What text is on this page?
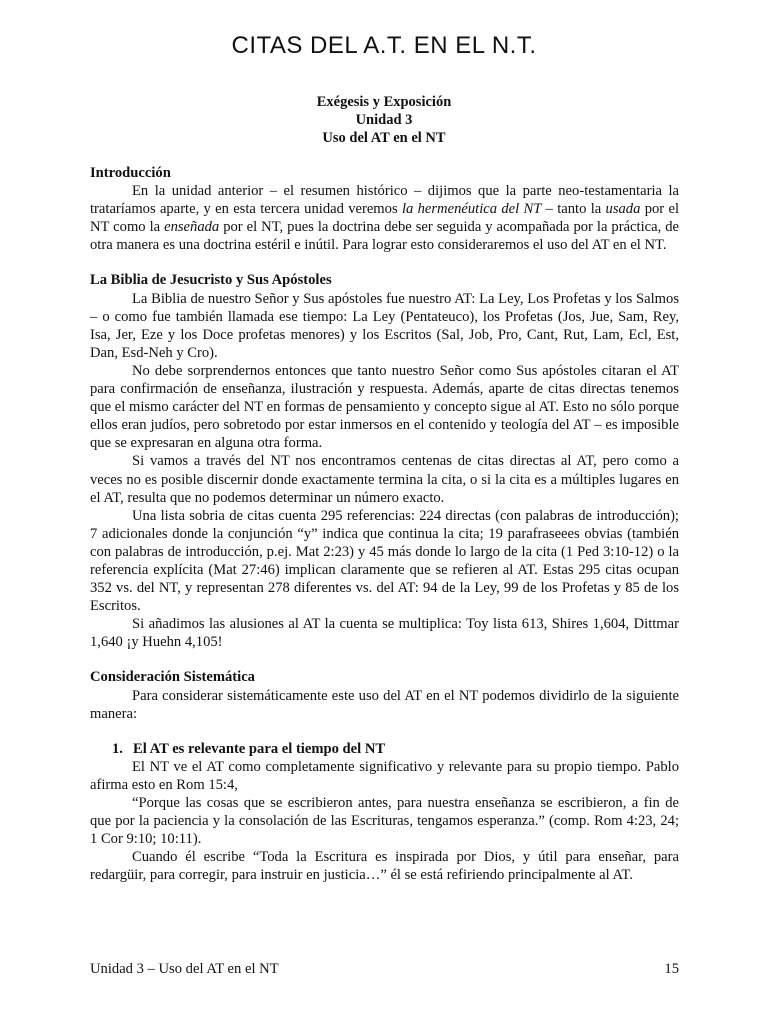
CITAS DEL A.T. EN EL N.T.
Exégesis y Exposición
Unidad 3
Uso del AT en el NT
Introducción

En la unidad anterior – el resumen histórico – dijimos que la parte neo-testamentaria la trataríamos aparte, y en esta tercera unidad veremos la hermenéutica del NT – tanto la usada por el NT como la enseñada por el NT, pues la doctrina debe ser seguida y acompañada por la práctica, de otra manera es una doctrina estéril e inútil. Para lograr esto consideraremos el uso del AT en el NT.

La Biblia de Jesucristo y Sus Apóstoles

La Biblia de nuestro Señor y Sus apóstoles fue nuestro AT: La Ley, Los Profetas y los Salmos – o como fue también llamada ese tiempo: La Ley (Pentateuco), los Profetas (Jos, Jue, Sam, Rey, Isa, Jer, Eze y los Doce profetas menores) y los Escritos (Sal, Job, Pro, Cant, Rut, Lam, Ecl, Est, Dan, Esd-Neh y Cro).

No debe sorprendernos entonces que tanto nuestro Señor como Sus apóstoles citaran el AT para confirmación de enseñanza, ilustración y respuesta. Además, aparte de citas directas tenemos que el mismo carácter del NT en formas de pensamiento y concepto sigue al AT. Esto no sólo porque ellos eran judíos, pero sobretodo por estar inmersos en el contenido y teología del AT – es imposible que se expresaran en alguna otra forma.

Si vamos a través del NT nos encontramos centenas de citas directas al AT, pero como a veces no es posible discernir donde exactamente termina la cita, o si la cita es a múltiples lugares en el AT, resulta que no podemos determinar un número exacto.

Una lista sobria de citas cuenta 295 referencias: 224 directas (con palabras de introducción); 7 adicionales donde la conjunción “y” indica que continua la cita; 19 parafraseees obvias (también con palabras de introducción, p.ej. Mat 2:23) y 45 más donde lo largo de la cita (1 Ped 3:10-12) o la referencia explícita (Mat 27:46) implican claramente que se refieren al AT. Estas 295 citas ocupan 352 vs. del NT, y representan 278 diferentes vs. del AT: 94 de la Ley, 99 de los Profetas y 85 de los Escritos.

Si añadimos las alusiones al AT la cuenta se multiplica: Toy lista 613, Shires 1,604, Dittmar 1,640 ¡y Huehn 4,105!

Consideración Sistemática

Para considerar sistemáticamente este uso del AT en el NT podemos dividirlo de la siguiente manera:

1. El AT es relevante para el tiempo del NT

El NT ve el AT como completamente significativo y relevante para su propio tiempo. Pablo afirma esto en Rom 15:4,

“Porque las cosas que se escribieron antes, para nuestra enseñanza se escribieron, a fin de que por la paciencia y la consolación de las Escrituras, tengamos esperanza.” (comp. Rom 4:23, 24; 1 Cor 9:10; 10:11).

Cuando él escribe “Toda la Escritura es inspirada por Dios, y útil para enseñar, para redargüir, para corregir, para instruir en justicia…” él se está refiriendo principalmente al AT.

Unidad 3 – Uso del AT en el NT	15
